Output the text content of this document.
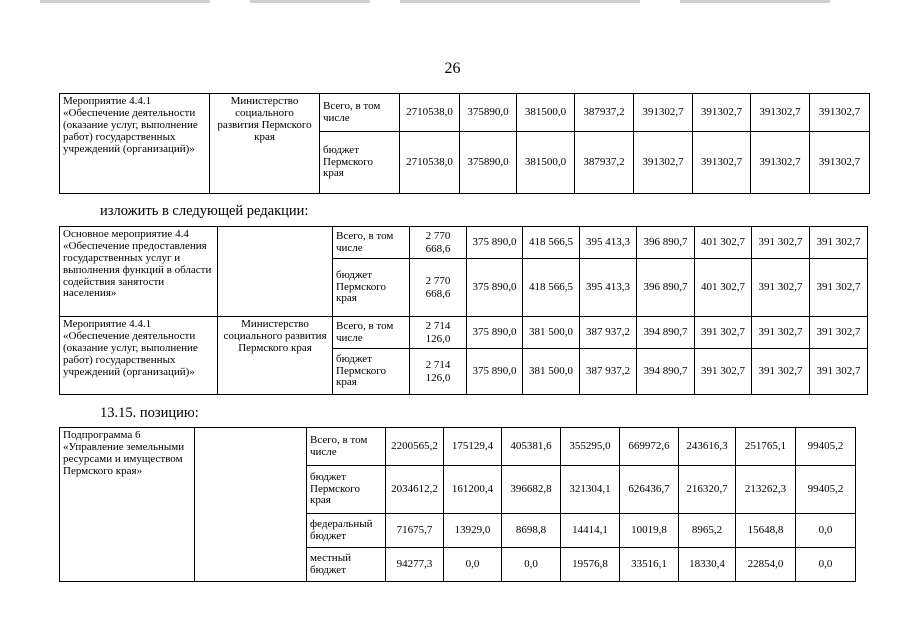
26
Мероприятие 4.4.1 «Обеспечение деятельности (оказание услуг, выполнение работ) государственных учреждений (организаций)»	Министерство социального развития Пермского края	Всего, в том числе	2710538,0	375890,0	381500,0	387937,2	391302,7	391302,7	391302,7	391302,7
		бюджет Пермского края	2710538,0	375890,0	381500,0	387937,2	391302,7	391302,7	391302,7	391302,7
изложить в следующей редакции:
Основное мероприятие 4.4 «Обеспечение предоставления государственных услуг и выполнения функций в области содействия занятости населения»		Всего, в том числе	2 770 668,6	375 890,0	418 566,5	395 413,3	396 890,7	401 302,7	391 302,7	391 302,7
		бюджет Пермского края	2 770 668,6	375 890,0	418 566,5	395 413,3	396 890,7	401 302,7	391 302,7	391 302,7
Мероприятие 4.4.1 «Обеспечение деятельности (оказание услуг, выполнение работ) государственных учреждений (организаций)»	Министерство социального развития Пермского края	Всего, в том числе	2 714 126,0	375 890,0	381 500,0	387 937,2	394 890,7	391 302,7	391 302,7	391 302,7
		бюджет Пермского края	2 714 126,0	375 890,0	381 500,0	387 937,2	394 890,7	391 302,7	391 302,7	391 302,7
13.15. позицию:
Подпрограмма 6 «Управление земельными ресурсами и имуществом Пермского края»		Всего, в том числе	2200565,2	175129,4	405381,6	355295,0	669972,6	243616,3	251765,1	99405,2
		бюджет Пермского края	2034612,2	161200,4	396682,8	321304,1	626436,7	216320,7	213262,3	99405,2
		федеральный бюджет	71675,7	13929,0	8698,8	14414,1	10019,8	8965,2	15648,8	0,0
		местный бюджет	94277,3	0,0	0,0	19576,8	33516,1	18330,4	22854,0	0,0
